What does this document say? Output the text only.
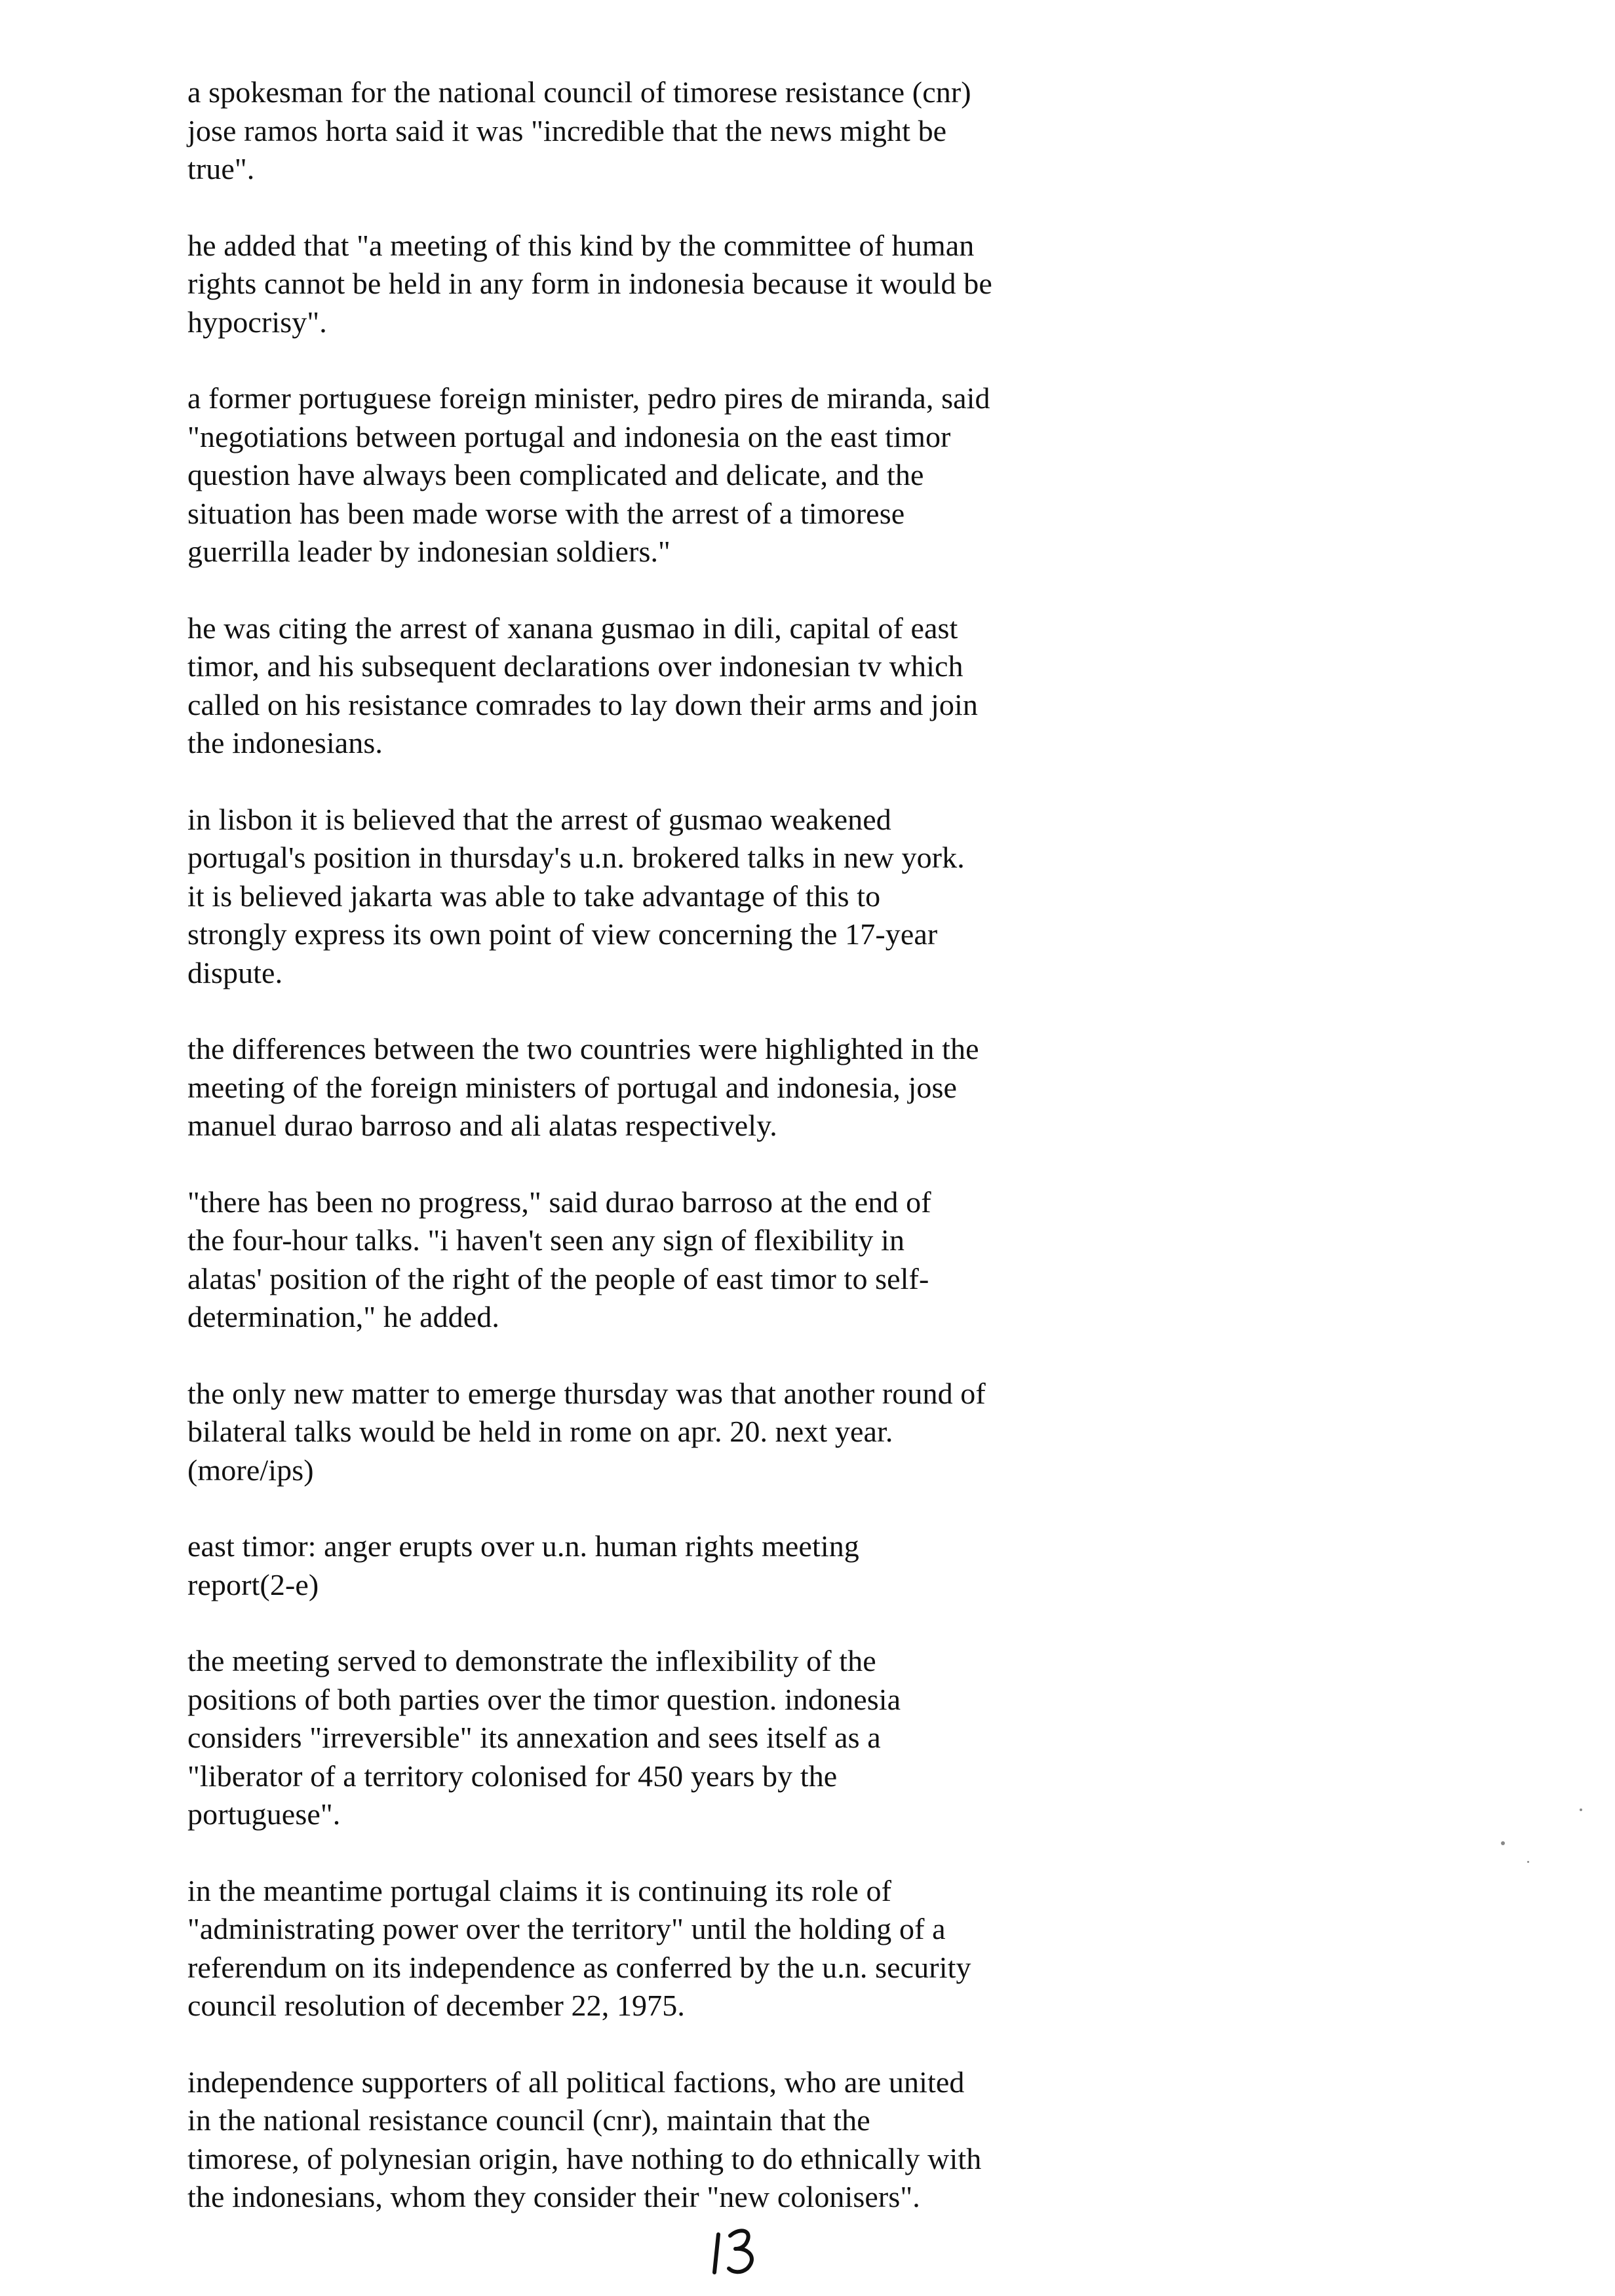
a spokesman for the national council of timorese resistance (cnr)
jose ramos horta said it was "incredible that the news might be
true".

he added that "a meeting of this kind by the committee of human
rights cannot be held in any form in indonesia because it would be
hypocrisy".

a former portuguese foreign minister, pedro pires de miranda, said
"negotiations between portugal and indonesia on the east timor
question have always been complicated and delicate, and the
situation has been made worse with the arrest of a timorese
guerrilla leader by indonesian soldiers."

he was citing the arrest of xanana gusmao in dili, capital of east
timor, and his subsequent declarations over indonesian tv which
called on his resistance comrades to lay down their arms and join
the indonesians.

in lisbon it is believed that the arrest of gusmao weakened
portugal's position in thursday's u.n. brokered talks in new york.
it is believed jakarta was able to take advantage of this to
strongly express its own point of view concerning the 17-year
dispute.

the differences between the two countries were highlighted in the
meeting of the foreign ministers of portugal and indonesia, jose
manuel durao barroso and ali alatas respectively.

"there has been no progress," said durao barroso at the end of
the four-hour talks. "i haven't seen any sign of flexibility in
alatas' position of the right of the people of east timor to self-
determination," he added.

the only new matter to emerge thursday was that another round of
bilateral talks would be held in rome on apr. 20. next year.
(more/ips)

east timor: anger erupts over u.n. human rights meeting
report(2-e)

the meeting served to demonstrate the inflexibility of the
positions of both parties over the timor question. indonesia
considers "irreversible" its annexation and sees itself as a
"liberator of a territory colonised for 450 years by the
portuguese".

in the meantime portugal claims it is continuing its role of
"administrating power over the territory" until the holding of a
referendum on its independence as conferred by the u.n. security
council resolution of december 22, 1975.

independence supporters of all political factions, who are united
in the national resistance council (cnr), maintain that the
timorese, of polynesian origin, have nothing to do ethnically with
the indonesians, whom they consider their "new colonisers".
